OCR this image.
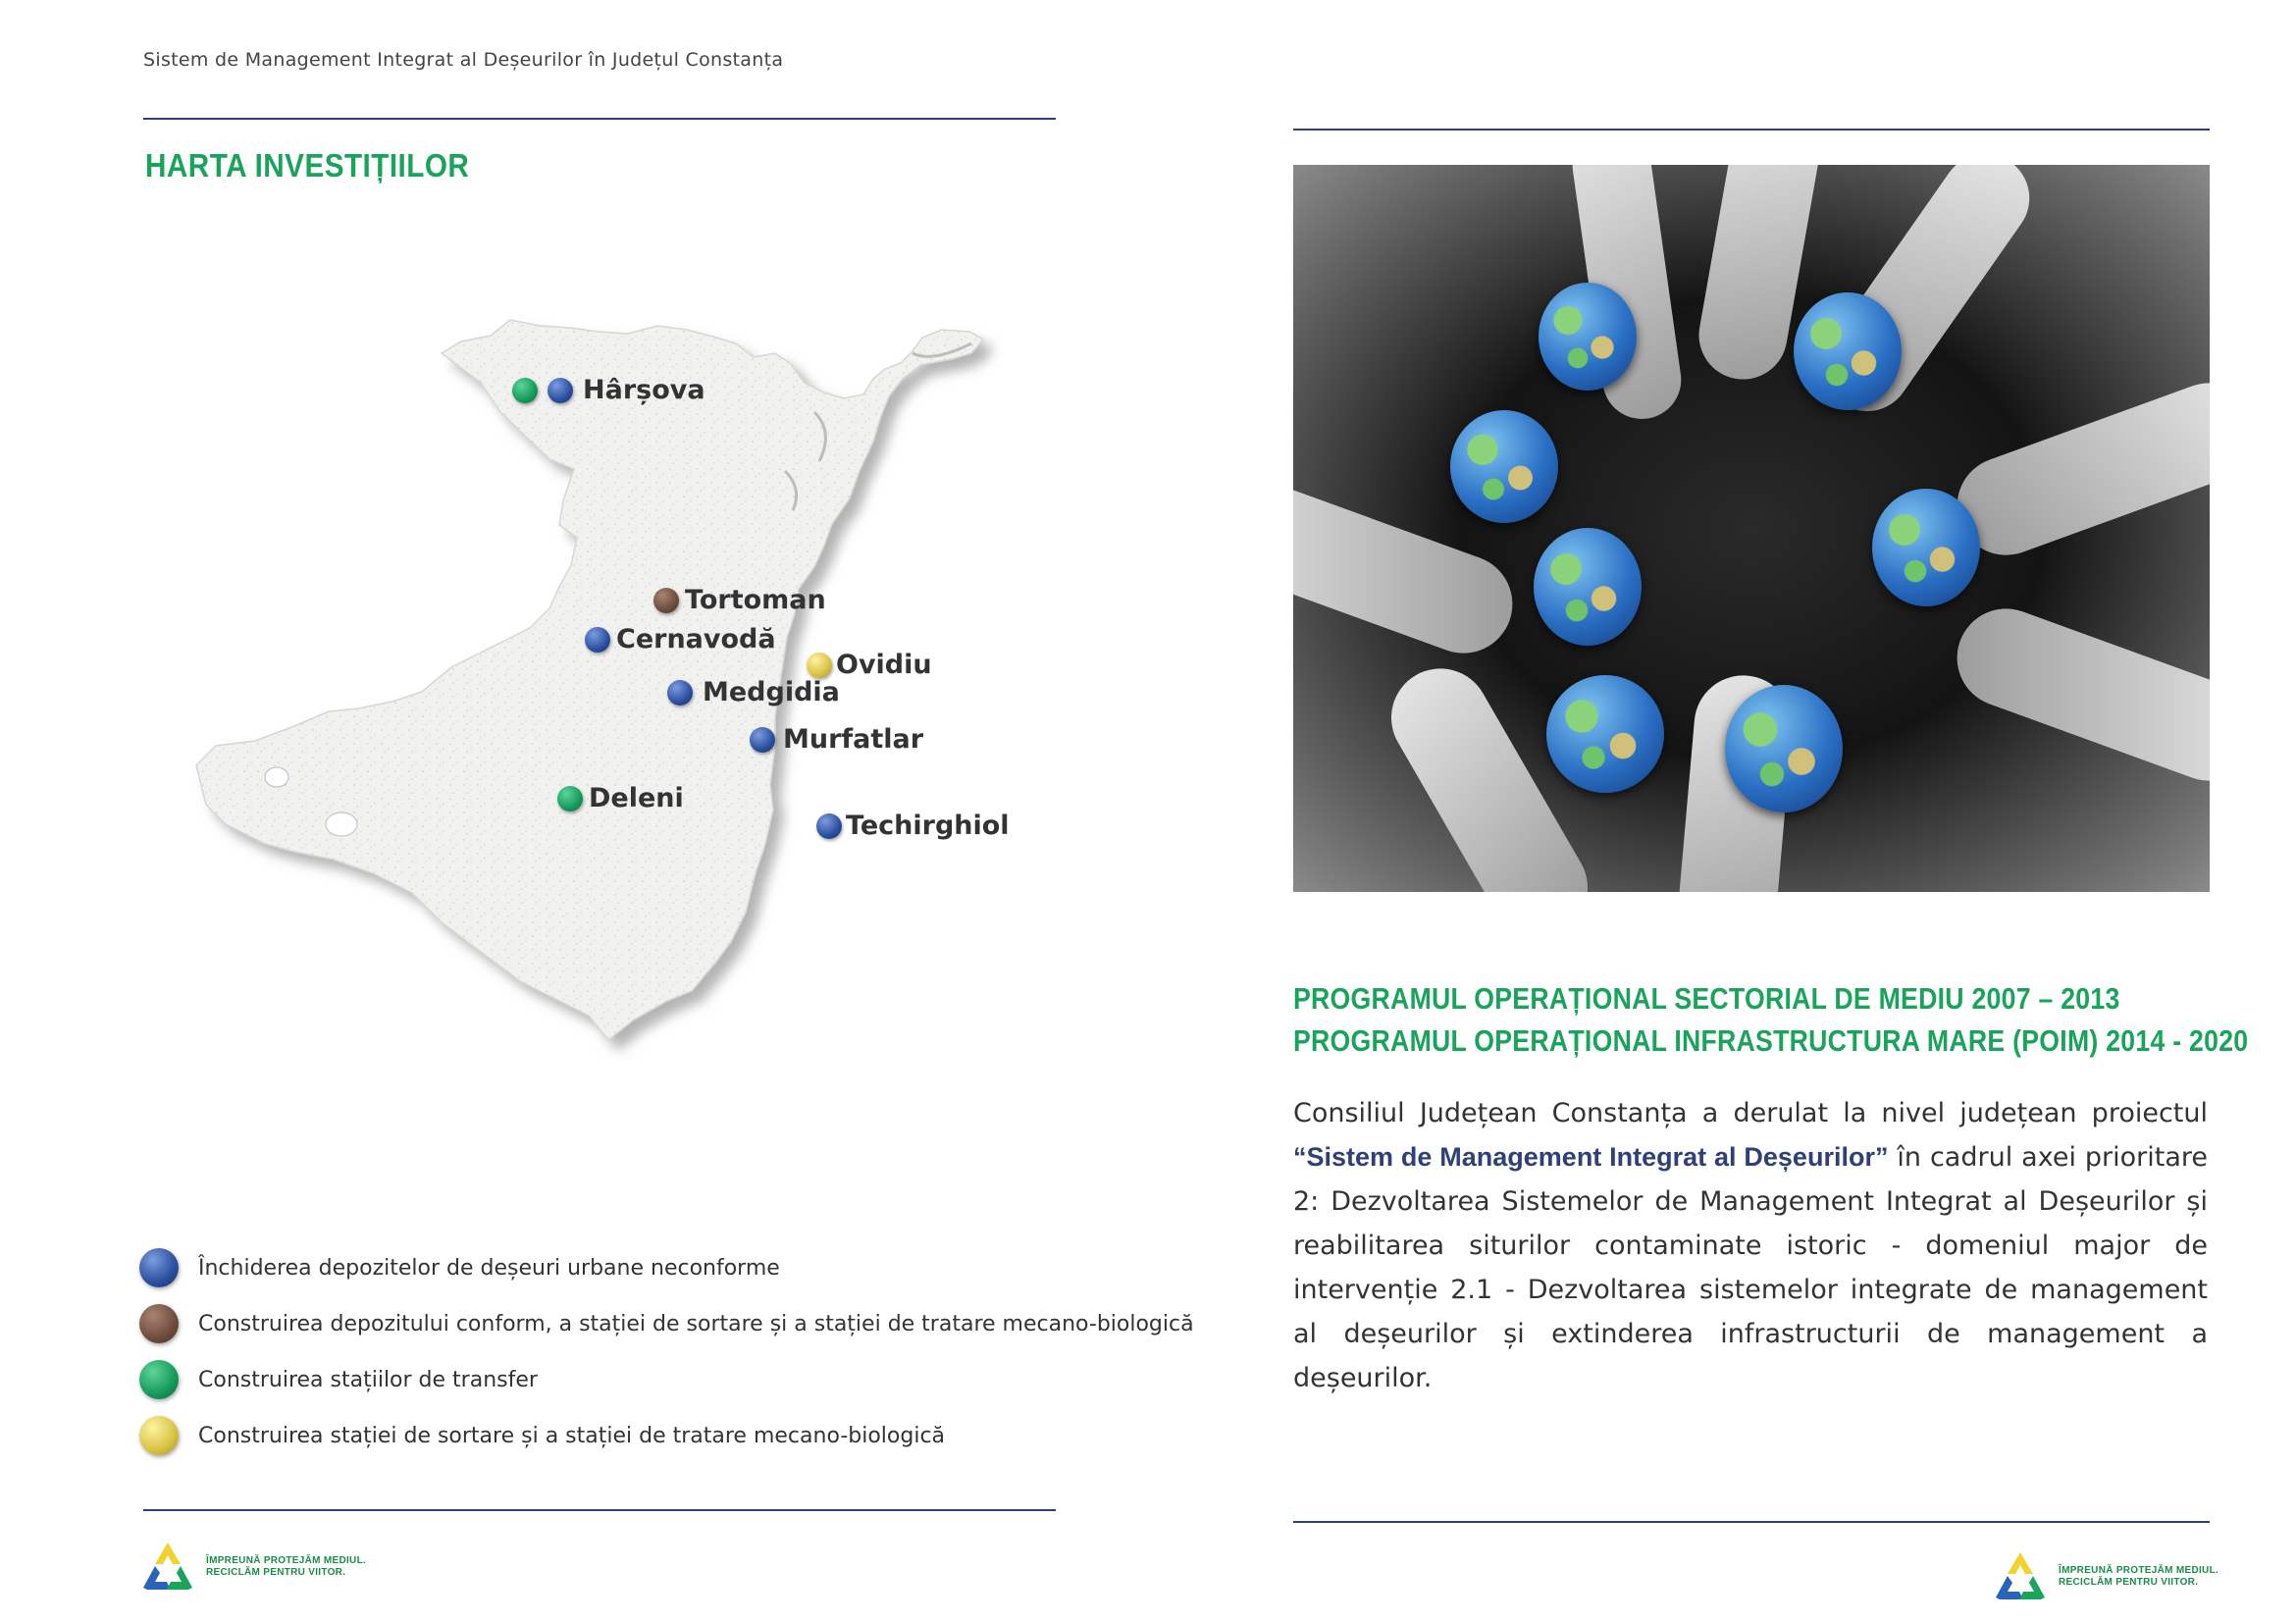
Sistem de Management Integrat al Deșeurilor în Județul Constanța
HARTA INVESTIȚIILOR
Hârșova
Tortoman
Cernavodă
Ovidiu
Medgidia
Murfatlar
Deleni
Techirghiol
Închiderea depozitelor de deșeuri urbane neconforme
Construirea depozitului conform, a stației de sortare și a stației de tratare mecano-biologică
Construirea stațiilor de transfer
Construirea stației de sortare și a stației de tratare mecano-biologică
ÎMPREUNĂ PROTEJĂM MEDIUL.
RECICLĂM PENTRU VIITOR.
PROGRAMUL OPERAȚIONAL SECTORIAL DE MEDIU 2007 – 2013
PROGRAMUL OPERAȚIONAL INFRASTRUCTURA MARE (POIM) 2014 - 2020
Consiliul Județean Constanța a derulat la nivel județean proiectul “Sistem de Management Integrat al Deșeurilor” în cadrul axei prioritare 2: Dezvoltarea Sistemelor de Management Integrat al Deșeurilor și reabilitarea siturilor contaminate istoric - domeniul major de intervenție 2.1 - Dezvoltarea sistemelor integrate de management al deșeurilor și extinderea infrastructurii de management a deșeurilor.
ÎMPREUNĂ PROTEJĂM MEDIUL.
RECICLĂM PENTRU VIITOR.
